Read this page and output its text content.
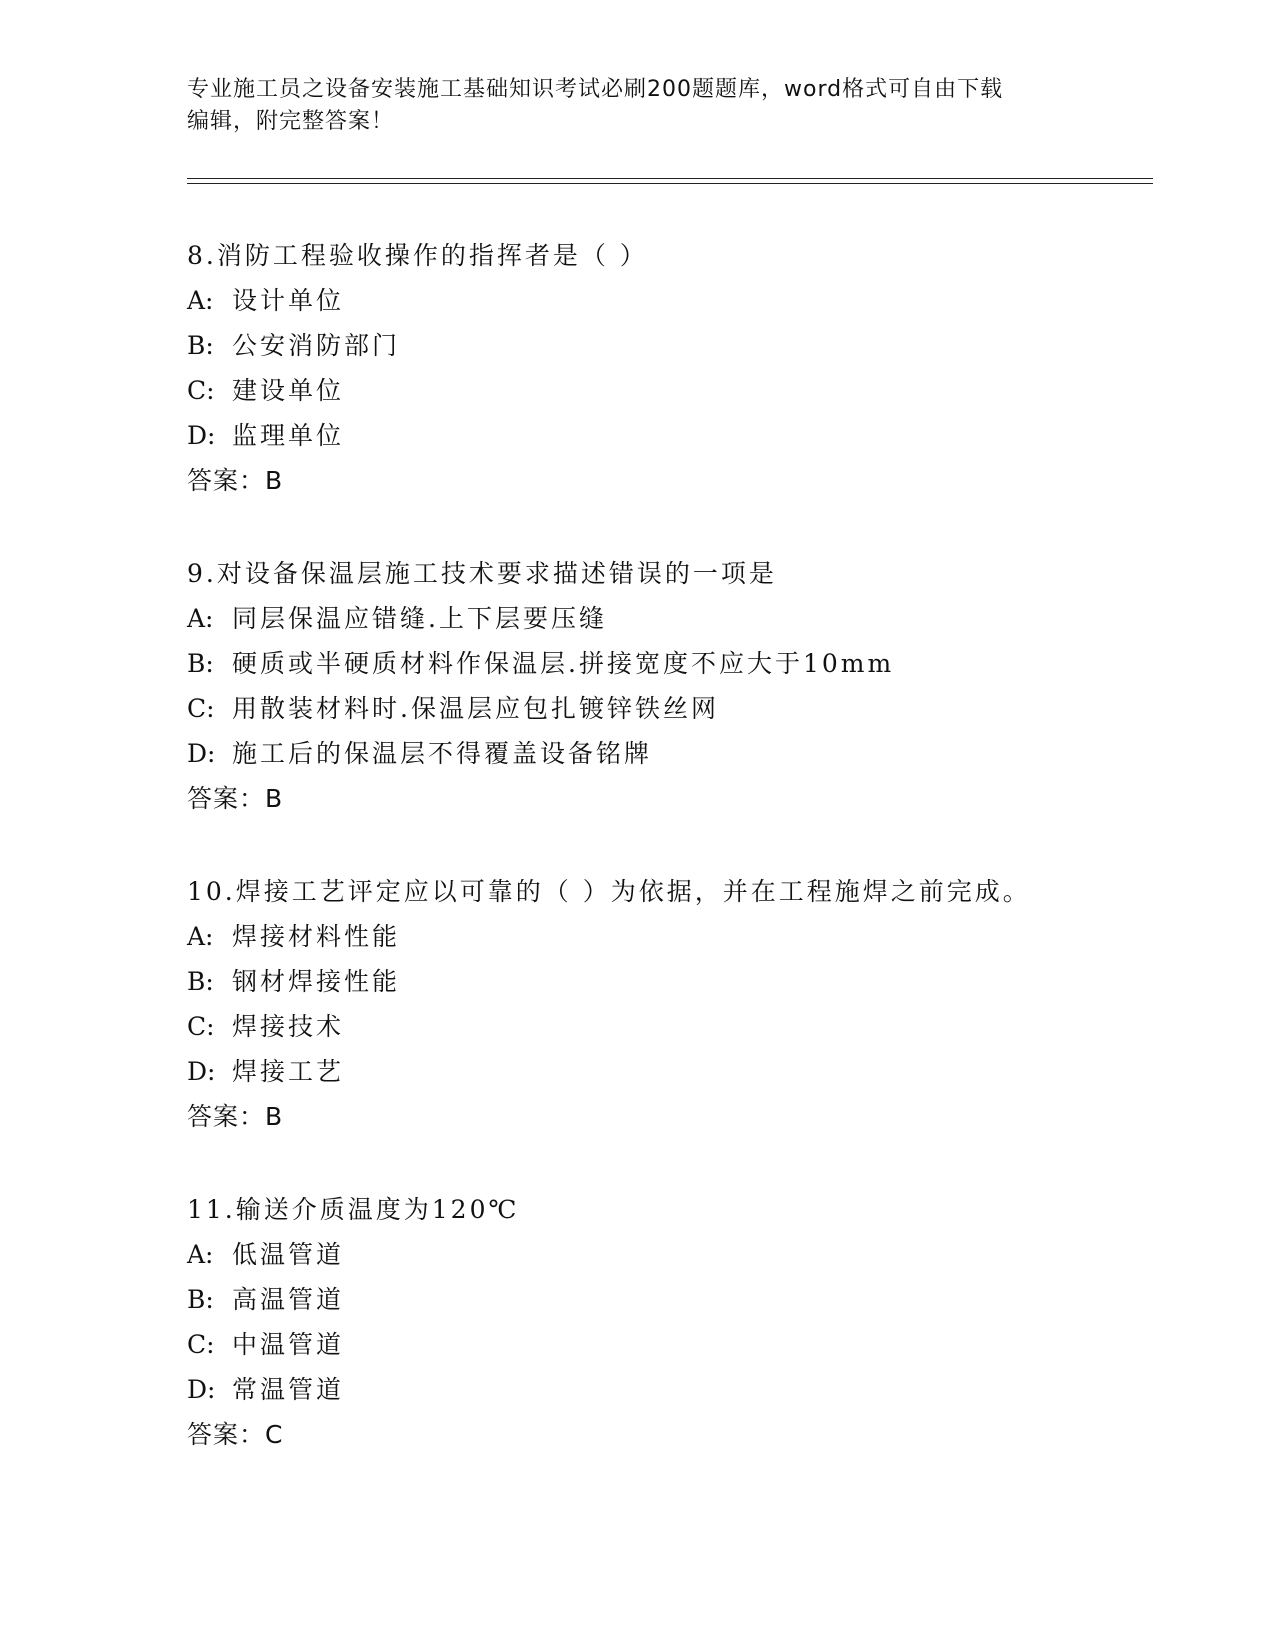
专业施工员之设备安装施工基础知识考试必刷200题题库，word格式可自由下载
编辑，附完整答案！
8.消防工程验收操作的指挥者是（ ）
A: 设计单位
B: 公安消防部门
C: 建设单位
D: 监理单位
答案：B
9.对设备保温层施工技术要求描述错误的一项是
A: 同层保温应错缝.上下层要压缝
B: 硬质或半硬质材料作保温层.拼接宽度不应大于10mm
C: 用散装材料时.保温层应包扎镀锌铁丝网
D: 施工后的保温层不得覆盖设备铭牌
答案：B
10.焊接工艺评定应以可靠的（ ）为依据，并在工程施焊之前完成。
A: 焊接材料性能
B: 钢材焊接性能
C: 焊接技术
D: 焊接工艺
答案：B
11.输送介质温度为120℃
A: 低温管道
B: 高温管道
C: 中温管道
D: 常温管道
答案：C
